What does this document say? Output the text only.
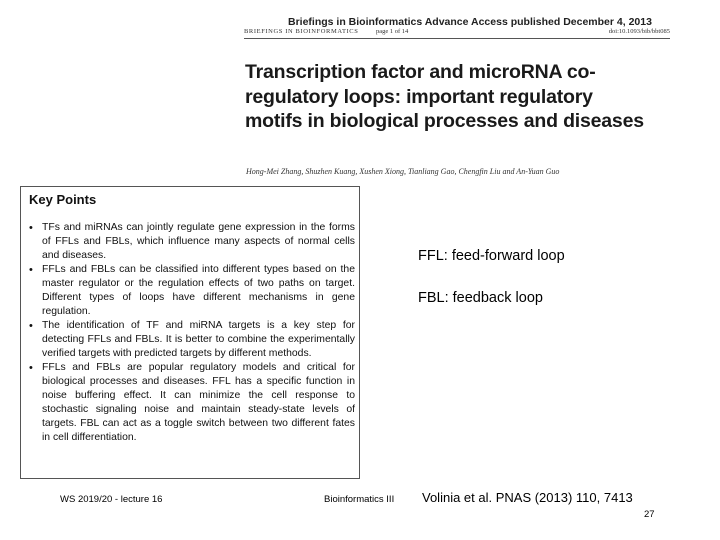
Briefings in Bioinformatics Advance Access published December 4, 2013
BRIEFINGS IN BIOINFORMATICS	page 1 of 14	doi:10.1093/bib/bbt085
Transcription factor and microRNA co-regulatory loops: important regulatory motifs in biological processes and diseases
Hong-Mei Zhang, Shuzhen Kuang, Xushen Xiong, Tianliang Gao, Chengfin Liu and An-Yuan Guo
Key Points
• TFs and miRNAs can jointly regulate gene expression in the forms of FFLs and FBLs, which influence many aspects of normal cells and diseases.
• FFLs and FBLs can be classified into different types based on the master regulator or the regulation effects of two paths on target. Different types of loops have different mechanisms in gene regulation.
• The identification of TF and miRNA targets is a key step for detecting FFLs and FBLs. It is better to combine the experimentally verified targets with predicted targets by different methods.
• FFLs and FBLs are popular regulatory models and critical for biological processes and diseases. FFL has a specific function in noise buffering effect. It can minimize the cell response to stochastic signaling noise and maintain steady-state levels of targets. FBL can act as a toggle switch between two different fates in cell differentiation.
FFL: feed-forward loop
FBL: feedback loop
WS 2019/20 - lecture 16	Bioinformatics III Volinia et al. PNAS (2013) 110, 7413
27
